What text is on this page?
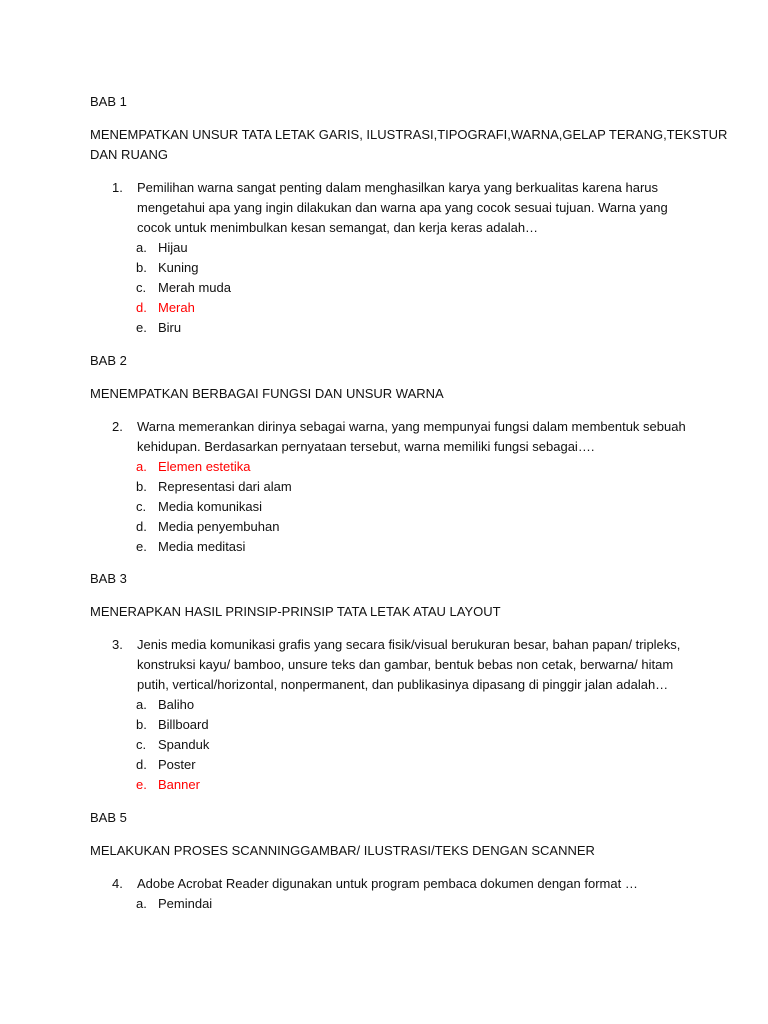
BAB 1
MENEMPATKAN UNSUR TATA LETAK GARIS, ILUSTRASI,TIPOGRAFI,WARNA,GELAP TERANG,TEKSTUR
DAN RUANG
1.	Pemilihan warna sangat penting dalam menghasilkan karya yang berkualitas karena harus
mengetahui apa yang ingin dilakukan dan warna apa yang cocok sesuai tujuan. Warna yang
cocok untuk menimbulkan kesan semangat, dan kerja keras adalah…
a. Hijau
b. Kuning
c. Merah muda
d. Merah
e. Biru
BAB 2
MENEMPATKAN BERBAGAI FUNGSI DAN UNSUR WARNA
2.	Warna memerankan dirinya sebagai warna, yang mempunyai fungsi dalam membentuk sebuah
kehidupan. Berdasarkan pernyataan tersebut, warna memiliki fungsi sebagai….
a. Elemen estetika
b. Representasi dari alam
c. Media komunikasi
d. Media penyembuhan
e. Media meditasi
BAB 3
MENERAPKAN HASIL PRINSIP-PRINSIP TATA LETAK ATAU LAYOUT
3.	Jenis media komunikasi grafis yang secara fisik/visual berukuran besar, bahan papan/ tripleks,
konstruksi kayu/ bamboo, unsure teks dan gambar, bentuk bebas non cetak, berwarna/ hitam
putih, vertical/horizontal, nonpermanent, dan publikasinya dipasang di pinggir jalan adalah…
a. Baliho
b. Billboard
c. Spanduk
d. Poster
e. Banner
BAB 5
MELAKUKAN PROSES SCANNINGGAMBAR/ ILUSTRASI/TEKS DENGAN SCANNER
4.	Adobe Acrobat Reader digunakan untuk program pembaca dokumen dengan format …
a. Pemindai
